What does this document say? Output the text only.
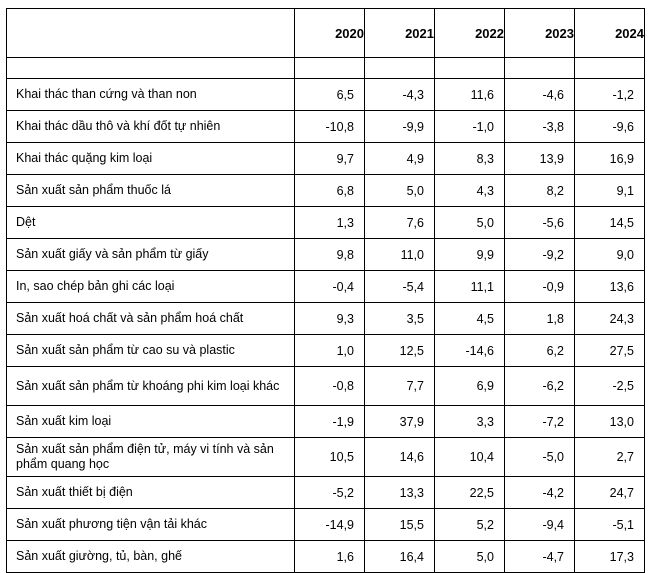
	2020	2021	2022	2023	2024

Khai thác than cứng và than non	6,5	-4,3	11,6	-4,6	-1,2
Khai thác dầu thô và khí đốt tự nhiên	-10,8	-9,9	-1,0	-3,8	-9,6
Khai thác quặng kim loại	9,7	4,9	8,3	13,9	16,9
Sản xuất sản phẩm thuốc lá	6,8	5,0	4,3	8,2	9,1
Dệt	1,3	7,6	5,0	-5,6	14,5
Sản xuất giấy và sản phẩm từ giấy	9,8	11,0	9,9	-9,2	9,0
In, sao chép bản ghi các loại	-0,4	-5,4	11,1	-0,9	13,6
Sản xuất hoá chất và sản phẩm hoá chất	9,3	3,5	4,5	1,8	24,3
Sản xuất sản phẩm từ cao su và plastic	1,0	12,5	-14,6	6,2	27,5
Sản xuất sản phẩm từ khoáng phi kim loại khác	-0,8	7,7	6,9	-6,2	-2,5
Sản xuất kim loại	-1,9	37,9	3,3	-7,2	13,0
Sản xuất sản phẩm điện tử, máy vi tính và sản phẩm quang học	10,5	14,6	10,4	-5,0	2,7
Sản xuất thiết bị điện	-5,2	13,3	22,5	-4,2	24,7
Sản xuất phương tiện vận tải khác	-14,9	15,5	5,2	-9,4	-5,1
Sản xuất giường, tủ, bàn, ghế	1,6	16,4	5,0	-4,7	17,3
